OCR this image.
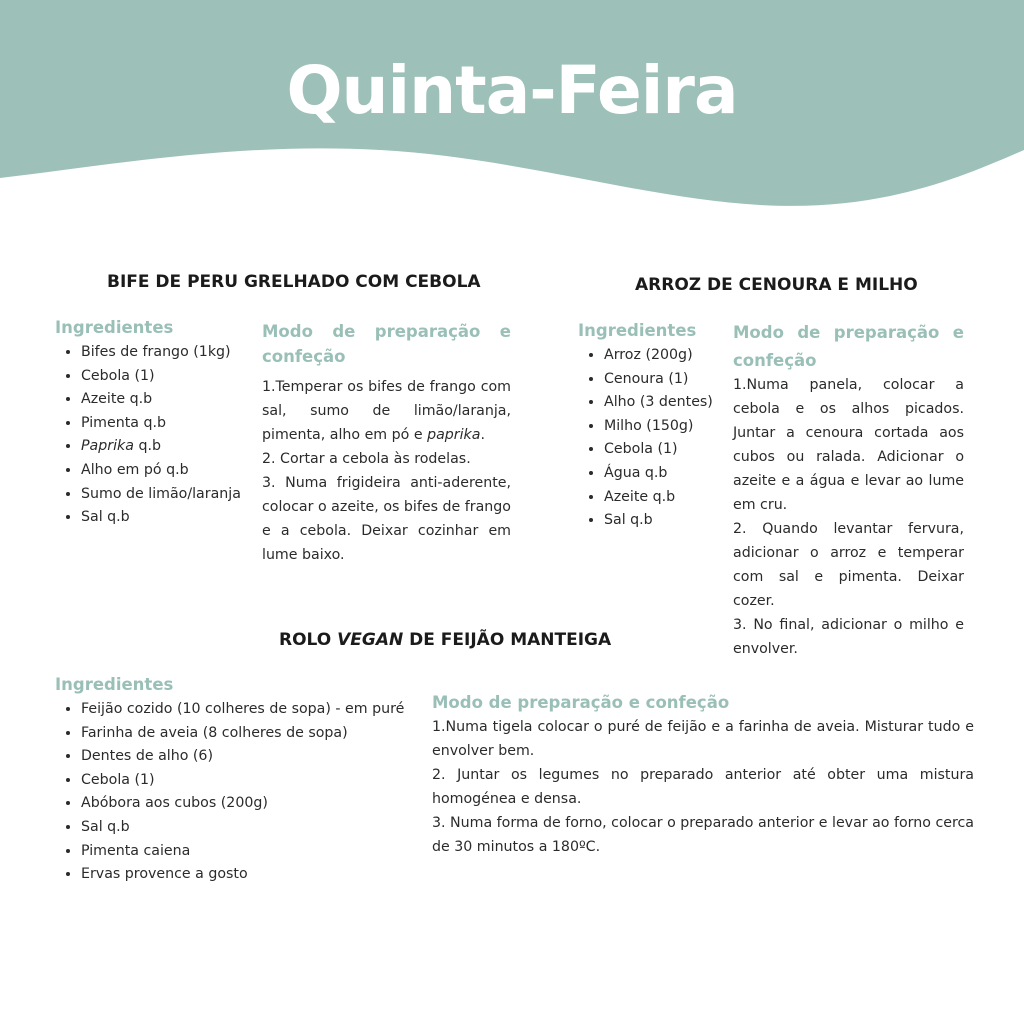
Quinta-Feira
BIFE DE PERU GRELHADO COM CEBOLA
Ingredientes
• Bifes de frango (1kg)
• Cebola (1)
• Azeite q.b
• Pimenta q.b
• Paprika q.b
• Alho em pó q.b
• Sumo de limão/laranja
• Sal q.b
Modo de preparação e confeção

1.Temperar os bifes de frango com sal, sumo de limão/laranja, pimenta, alho em pó e paprika.

2. Cortar a cebola às rodelas.

3. Numa frigideira anti-aderente, colocar o azeite, os bifes de frango e a cebola. Deixar cozinhar em lume baixo.

ARROZ DE CENOURA E MILHO
Ingredientes
• Arroz (200g)
• Cenoura (1)
• Alho (3 dentes)
• Milho (150g)
• Cebola (1)
• Água q.b
• Azeite q.b
• Sal q.b
Modo de preparação e confeção

1.Numa panela, colocar a cebola e os alhos picados. Juntar a cenoura cortada aos cubos ou ralada. Adicionar o azeite e a água e levar ao lume em cru.

2. Quando levantar fervura, adicionar o arroz e temperar com sal e pimenta. Deixar cozer.

3. No final, adicionar o milho e envolver.

ROLO VEGAN DE FEIJÃO MANTEIGA
Ingredientes
• Feijão cozido (10 colheres de sopa) - em puré
• Farinha de aveia (8 colheres de sopa)
• Dentes de alho (6)
• Cebola (1)
• Abóbora aos cubos (200g)
• Sal q.b
• Pimenta caiena
• Ervas provence a gosto
Modo de preparação e confeção

1.Numa tigela colocar o puré de feijão e a farinha de aveia. Misturar tudo e envolver bem.

2. Juntar os legumes no preparado anterior até obter uma mistura homogénea e densa.

3. Numa forma de forno, colocar o preparado anterior e levar ao forno cerca de 30 minutos a 180ºC.
